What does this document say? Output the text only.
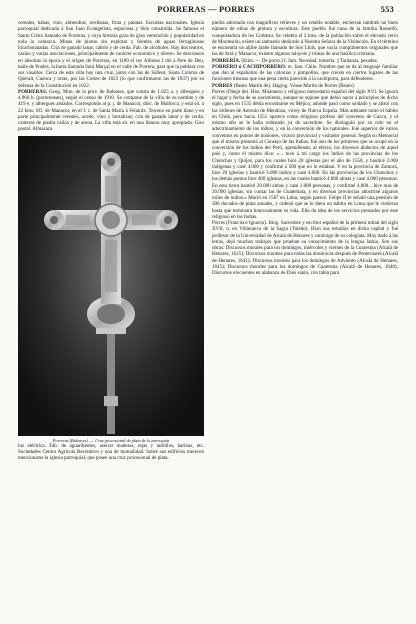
PORRERAS — PORRES	553

cereales, habas, vino, almendras, avellanas, fruta y patatas. Escuelas nacionales. Iglesia parroquial dedicada á San Juan Evangelista, espaciosa y bien construída. Se famoso el Santo Cristo llamado de Porreras, y cuya historia goza de gran veneración y popularidad en toda la comarca. Minas de plomo sin explotar y fuentes de aguas ferruginosas bicarbonatadas. Cría de ganado lanar, cabrío y de cerda. Fab. de alcoholes. Hay dos teatros, casino y varias asociaciones, principalmente de carácter económico y obrero. Se desconoce en absoluto la época y el origen de Porreras, en 1180 el rey Alfonso I dió á Pere de Deu, baile de Prades, la barra llamada Sant Marçal en el valle de Porrera, para que la poblara con sus vasallos. Cerca de esta villa hay una cruz, junto con las de Salleut, Santa Coloma de Queralt, Cuenca y otras, por las Cortes de 1823 (lo que confirmaron las de 1837) por su defensa de la Constitución en 1822.

PORRERAS. Geog. Mun. de la prov. de Baleares, que consta de 1.825 a. y albergues y 4.960 h. (porrerenses), según el censo de 1910. Se compone de la villa de su nombre y de 419 e. y albergues aislados. Correspondo al p. j. de Manacor, dióc. de Mallorca, y está sit. á 22 kms. SO. de Manacor, en el f. c. de Santa María á Felanitx. Terreno en parte llano y en parte principalmente cereales, aceite, vino y hortalizas; cría de ganado lanar y de cerda; canteras de piedra caliza y de arena. La villa está sit. en una llanura muy apropiada. Giro postal. Almazara.

Porreras (Baleares). — Cruz procesional de plata de la parroquia

luz eléctrica. Fáb. de aguardientes, aserrar maderas, tejas y ladrillos, harinas, etc. Sociedades Centro Agrícola Recreativo y una de mutualidad. Sobre sus edificios merecen mencionarse la iglesia parroquial, que posee una cruz procesional de plata.

piedra adornada con magníficos relieves y un retablo notable, encierran también un buen número de obras de pintura y escultura. Este pueblo fué cuna de la familia Rosselló, conquistadora de los Corbeau. Se celebra el 2 kms. de la población sobre el elevado cerro de Montesión, existe un santuario dedicado á Nuestra Señora de la Visitación. En el término se encuentra un aljibe árabe llamado de Son Lluís, que vacía cumplimentos originales que las de Artá y Manacor, existen algunos talayots y ruinas de una basílica cristiana.

PORRERÍA. (Etim. — De porro.) f. fam. Necedad, tontería. || Tardanza, pesadez.

PORRERO ó CACHIPORRERO. m. fam. Chile. Nombre que se da al lenguaje familiar que dan al españolito de las colonias y pimpollos, que crecen en ciertos lugares de las funciones mismas que una pena cierta parecido á la cachiporra, para defenderse.

PORRES (Beato Martín de). Hagiog. Véase Martín de Porres (Beato).

Porres (Diego de). Hist. Misionero y religioso mercedario español del siglo XVI. Se ignora el lugar y fecha de su nacimiento, aunque se supone que debió nacer á principios de dicho siglo, pues en 1535 debía encontrarse en Méjico, adonde pasó como soldado y se alistó con las órdenes de Antonio de Mendoza, virrey de Nueva España. Más adelante tomó el hábito en Chile, pero hacia 1551 aparece como religioso profeso del convento de Cuzco, y el mismo año se le halla ordenado ya de sacerdote. Se distinguió por su celo en el adoctrinamiento de los indios, y en la conversión de los naturales. Fué superior de varios conventos en puntos de misiones, vicario provincial y visitador general. Según su Memorial que el mismo presentó al Consejo de las Indias, fué uno de los primeros que se ocupó en la conversión de los indios del Perú, aprendiendo, al efecto, los diversos dialectos de aquel país y, como él mismo dice: «... tuve á mi cargo los indios de las provincias de los Chunchos y Quijos, para los cuales hice 20 iglesias por el año de 1558, y bauticé 2.000 indígenas y casé 4.000 y confirmé á 500 que no lo estaban. Y en la provincia de Zamora, hice 20 iglesias y bauticé 3.000 indios y casé 4.000. En las provincias de los Chunchos y los demás puntos hice 400 iglesias, en las cuales bauticé 4.000 almas y casé 4.000 personas. En esta tierra bauticé 20.000 almas y casé 1.000 personas, y confirmé 4.000... hice más de 20.000 iglesias, sin contar las de Guatemala, y en diversas provincias adoctriné algunos miles de indios.» Murió en 1587 en Lima, según parece. Felipe II le señaló una pensión de 300 ducados de plata anuales, y ordenó que se le diera un hábito en Lima que le vistieran hasta que terminara honrosamente su vida. Ello da idea de los servicios prestados por este religioso en las Indias.

Porres (Francisco Ignacio). Biog. Sacerdote y escritor español de la primera mitad del siglo XVII, n. en Villanueva de la Sagra (Toledo). Hizo sus estudios en dicha capital y fué profesor de la Universidad de Alcalá de Henares y canónigo de su colegiata. Muy dado á las letras, dejó muchos trabajos que prueban su conocimiento de la lengua latina. Son sus obras: Discursos morales para los domingos, miércoles y viernes de la Cuaresma (Alcalá de Henares, 1625); Discursos morales para todas las dominicas después de Pentecostés (Alcalá de Henares, 1641); Discursos morales para los domingos de Adviento (Alcalá de Henares, 1645); Discursos morales para los domingos de Cuaresma (Alcalá de Henares, 1648); Discursos elocuentes en alabanza de Dios santo, con tabla para
